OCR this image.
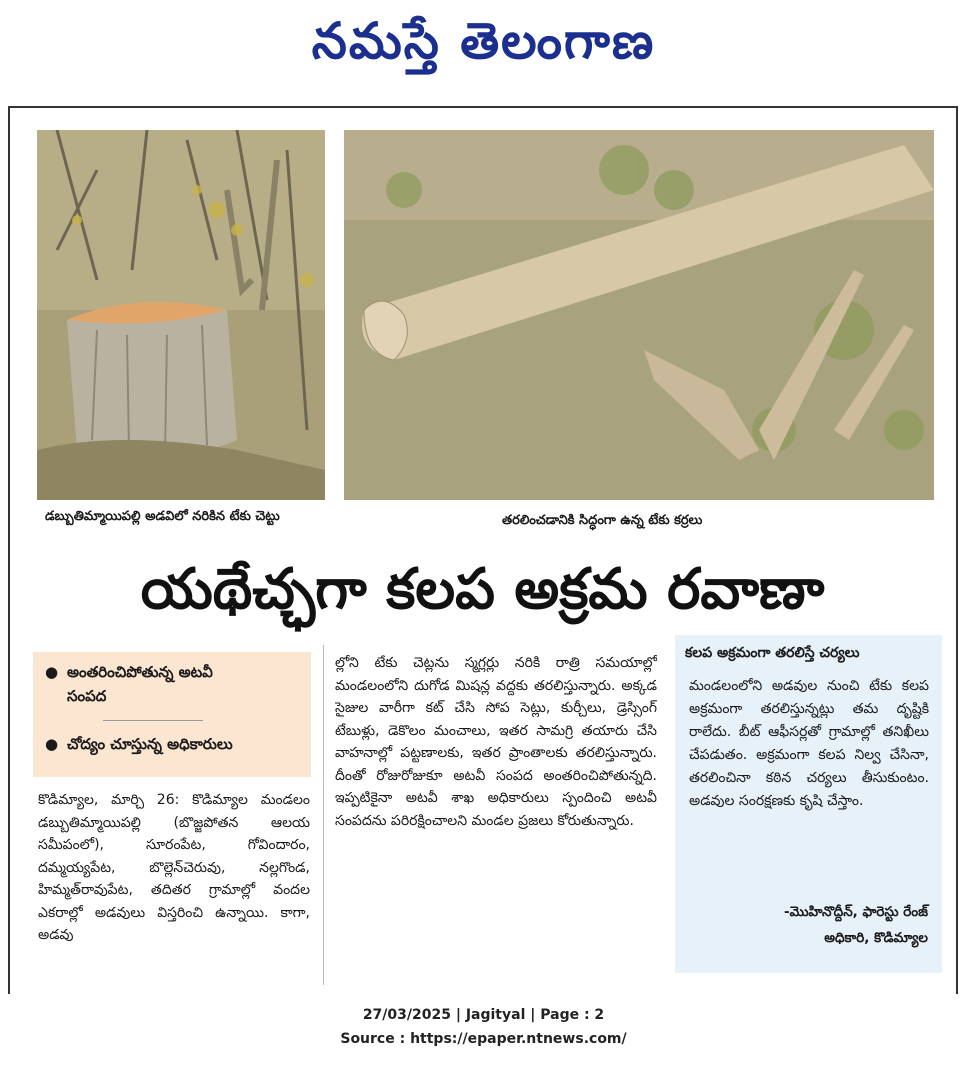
నమస్తే తెలంగాణ
డబ్బుతిమ్మాయిపల్లి అడవిలో నరికిన టేకు చెట్టు	తరలించడానికి సిద్ధంగా ఉన్న టేకు కర్రలు
యథేచ్ఛగా కలప అక్రమ రవాణా
● అంతరించిపోతున్న అటవీ సంపద
● చోద్యం చూస్తున్న అధికారులు

కొడిమ్యాల, మార్చి 26: కొడిమ్యాల మండలం డబ్బుతిమ్మాయిపల్లి (బొజ్జపోతన ఆలయ సమీపంలో), సూరంపేట, గోవిందారం, దమ్మయ్యపేట, బొల్లెన్‌చెరువు, నల్లగొండ, హిమ్మత్‌రావుపేట, తదితర గ్రామాల్లో వందల ఎకరాల్లో అడవులు విస్తరించి ఉన్నాయి. కాగా, అడవు

ల్లోని టేకు చెట్లను స్మగ్లర్లు నరికి రాత్రి సమయాల్లో మండలంలోని దుగోడ మిషన్ల వద్దకు తరలిస్తున్నారు. అక్కడ సైజుల వారీగా కట్ చేసి సోప సెట్లు, కుర్చీలు, డ్రెస్సింగ్ టేబుళ్లు, డెకొలం మంచాలు, ఇతర సామగ్రి తయారు చేసి వాహనాల్లో పట్టణాలకు, ఇతర ప్రాంతాలకు తరలిస్తున్నారు. దీంతో రోజురోజుకూ అటవీ సంపద అంతరించిపోతున్నది. ఇప్పటికైనా అటవీ శాఖ అధికారులు స్పందించి అటవీ సంపదను పరిరక్షించాలని మండల ప్రజలు కోరుతున్నారు.

కలప అక్రమంగా తరలిస్తే చర్యలు
మండలంలోని అడవుల నుంచి టేకు కలప అక్రమంగా తరలిస్తున్నట్లు తమ దృష్టికి రాలేదు. బీట్ ఆఫీసర్లతో గ్రామాల్లో తనిఖీలు చేపడుతం. అక్రమంగా కలప నిల్వ చేసినా, తరలించినా కఠిన చర్యలు తీసుకుంటం. అడవుల సంరక్షణకు కృషి చేస్తాం.
-మొహినొద్దీన్, ఫారెస్టు రేంజ్
అధికారి, కొడిమ్యాల
27/03/2025 | Jagityal | Page : 2
Source : https://epaper.ntnews.com/
